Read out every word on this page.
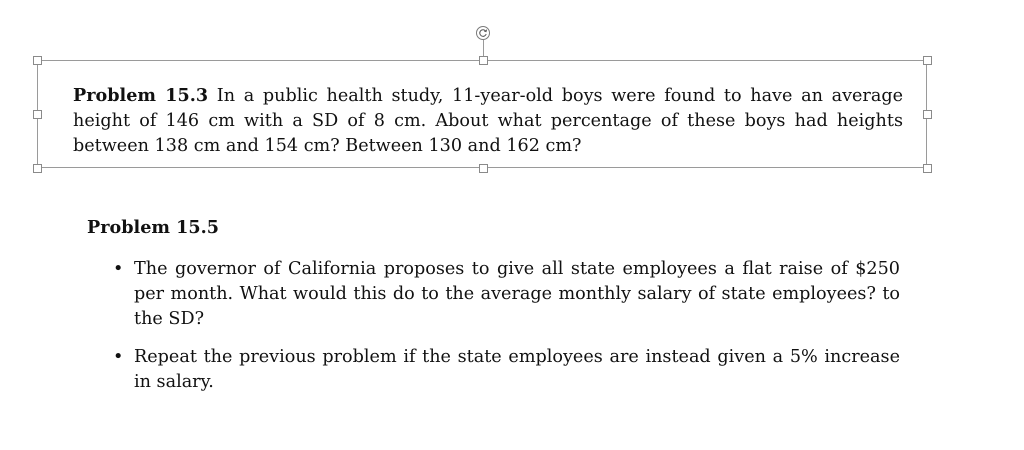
Problem 15.3 In a public health study, 11-year-old boys were found to have an average height of 146 cm with a SD of 8 cm. About what percentage of these boys had heights between 138 cm and 154 cm? Between 130 and 162 cm?

Problem 15.5

• The governor of California proposes to give all state employees a flat raise of $250 per month. What would this do to the average monthly salary of state employees? to the SD?
• Repeat the previous problem if the state employees are instead given a 5% increase in salary.
